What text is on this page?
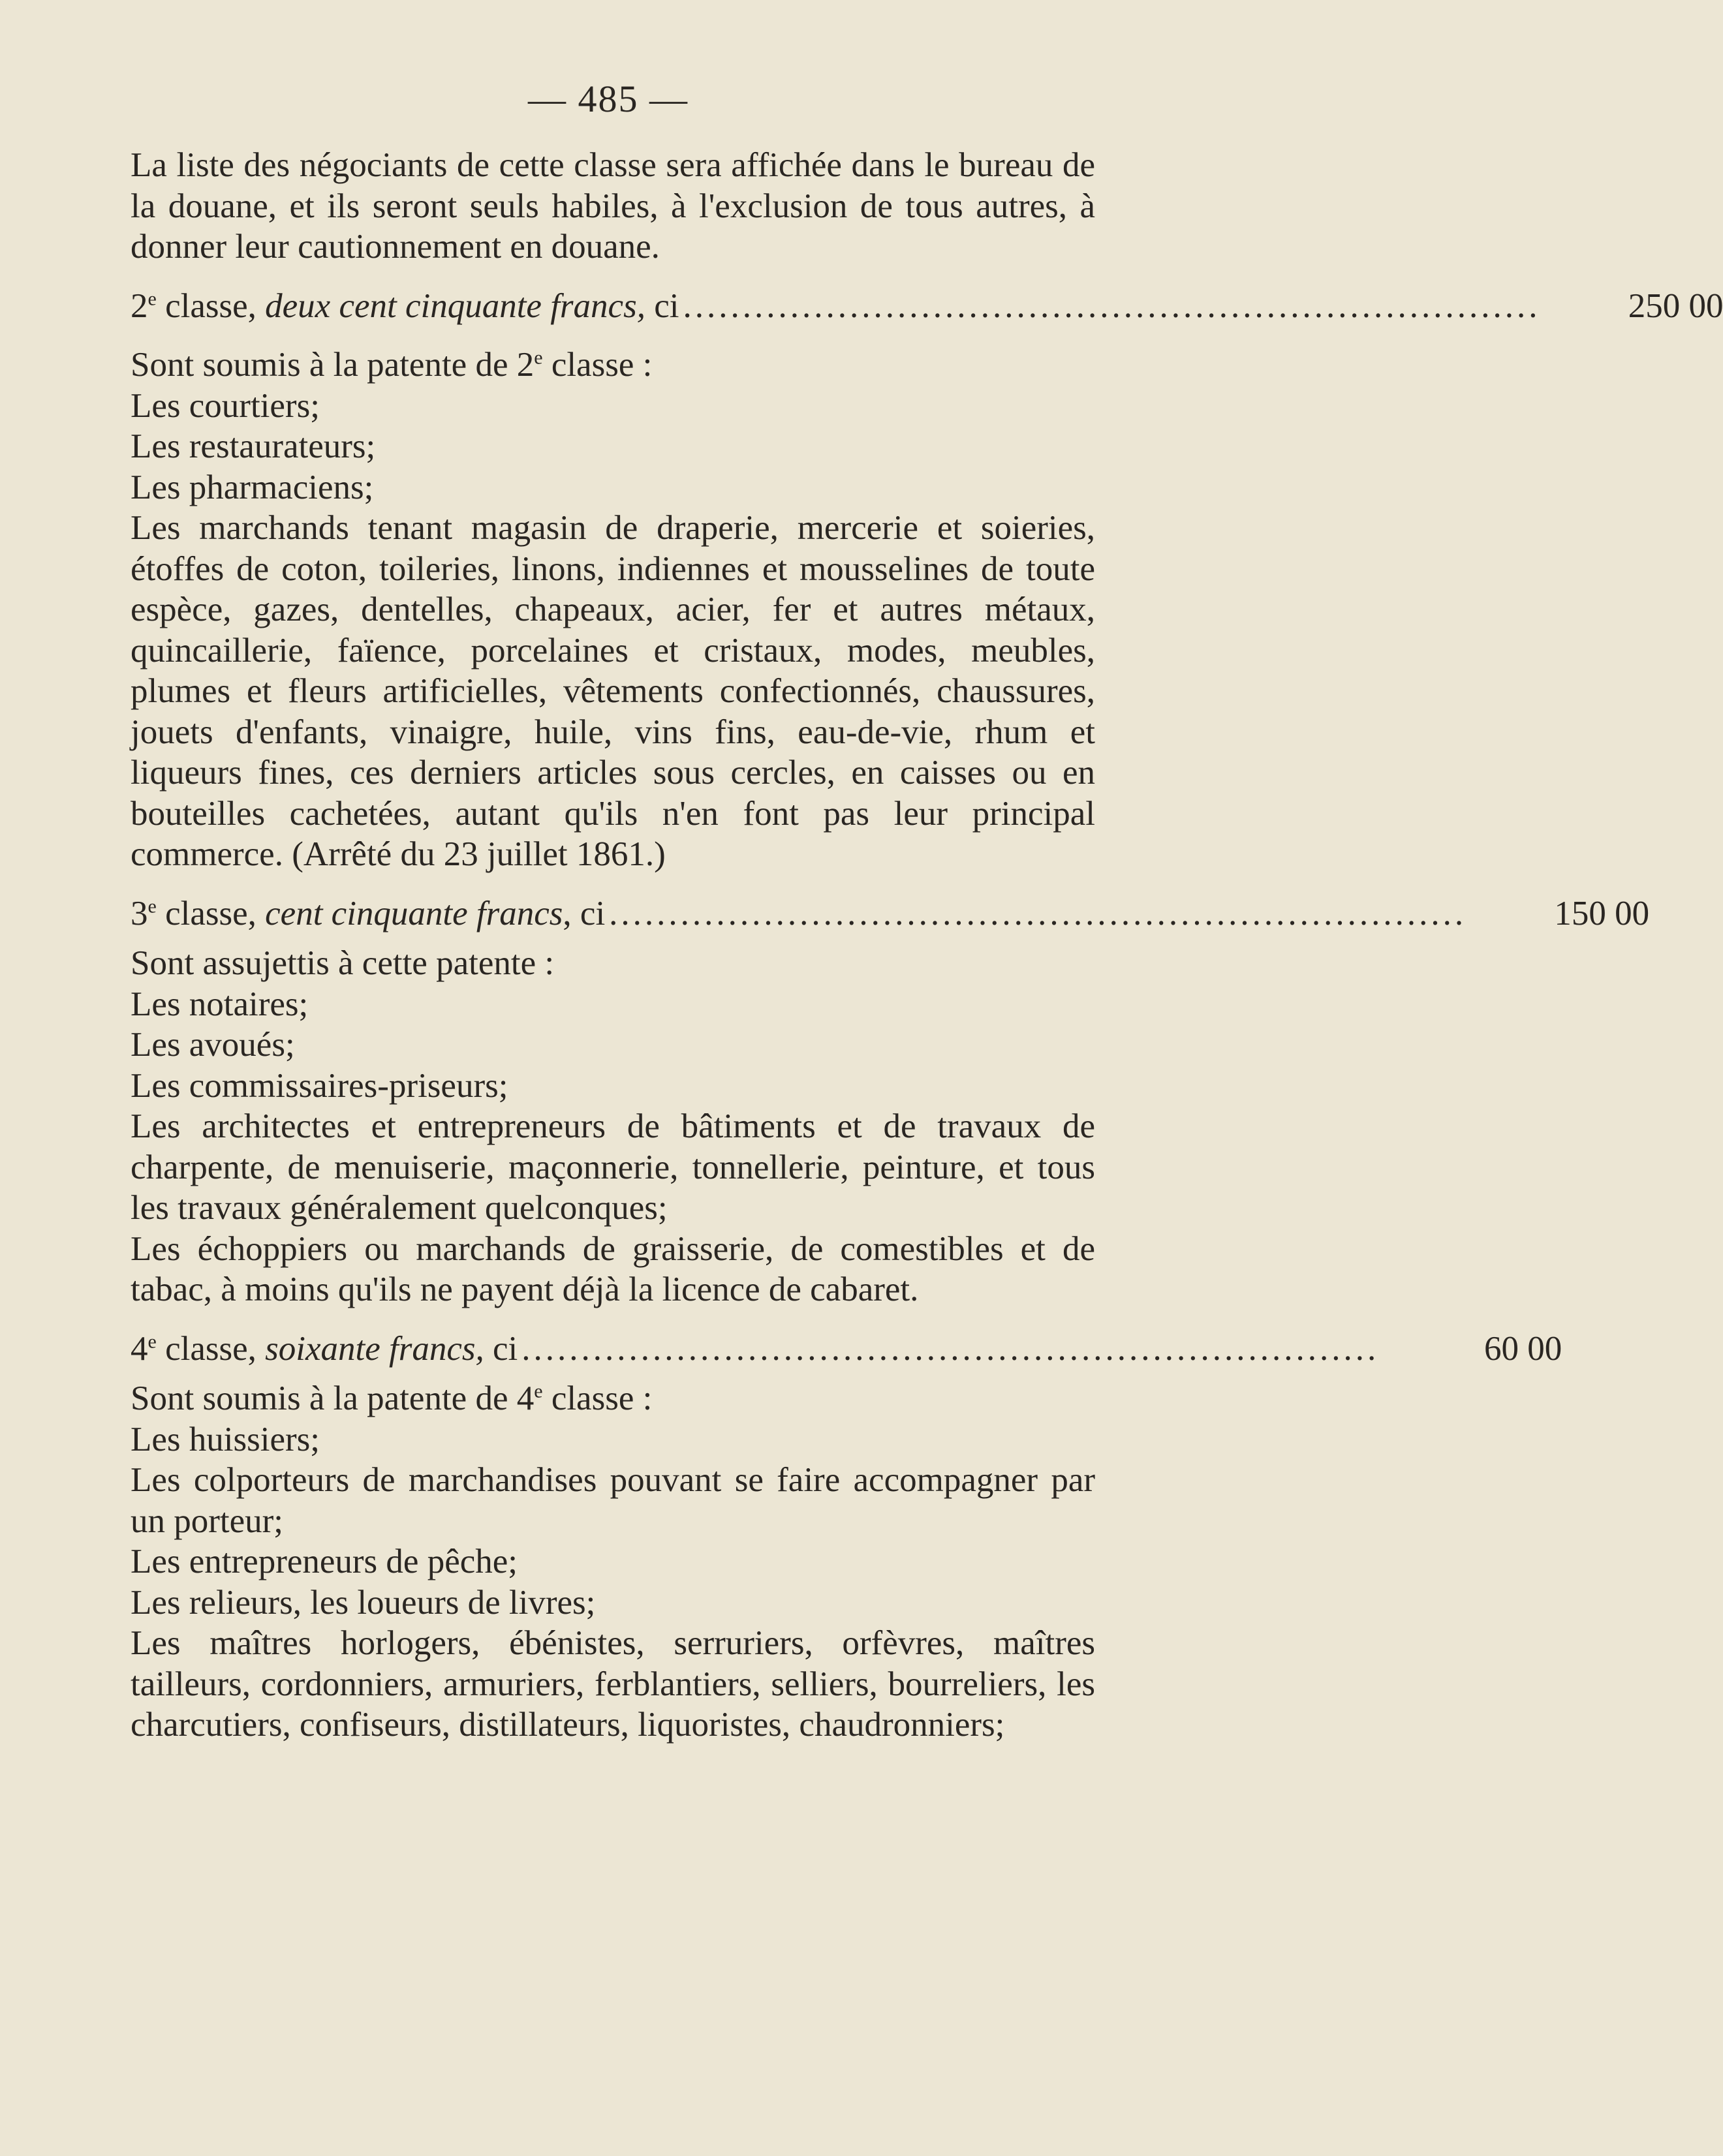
— 485 —

La liste des négociants de cette classe sera affichée dans le bureau de la douane, et ils seront seuls habiles, à l'exclusion de tous autres, à donner leur cautionnement en douane.

2e classe, deux cent cinquante francs, ci ........................................................................	250 00

Sont soumis à la patente de 2e classe :

Les courtiers;

Les restaurateurs;

Les pharmaciens;

Les marchands tenant magasin de draperie, mercerie et soieries, étoffes de coton, toileries, linons, indiennes et mousselines de toute espèce, gazes, dentelles, chapeaux, acier, fer et autres métaux, quincaillerie, faïence, porcelaines et cristaux, modes, meubles, plumes et fleurs artificielles, vêtements confectionnés, chaussures, jouets d'enfants, vinaigre, huile, vins fins, eau-de-vie, rhum et liqueurs fines, ces derniers articles sous cercles, en caisses ou en bouteilles cachetées, autant qu'ils n'en font pas leur principal commerce. (Arrêté du 23 juillet 1861.)

3e classe, cent cinquante francs, ci ........................................................................	150 00

Sont assujettis à cette patente :

Les notaires;

Les avoués;

Les commissaires-priseurs;

Les architectes et entrepreneurs de bâtiments et de travaux de charpente, de menuiserie, maçonnerie, tonnellerie, peinture, et tous les travaux généralement quelconques;

Les échoppiers ou marchands de graisserie, de comestibles et de tabac, à moins qu'ils ne payent déjà la licence de cabaret.

4e classe, soixante francs, ci ........................................................................	60 00

Sont soumis à la patente de 4e classe :

Les huissiers;

Les colporteurs de marchandises pouvant se faire accompagner par un porteur;

Les entrepreneurs de pêche;

Les relieurs, les loueurs de livres;

Les maîtres horlogers, ébénistes, serruriers, orfèvres, maîtres tailleurs, cordonniers, armuriers, ferblantiers, selliers, bourreliers, les charcutiers, confiseurs, distillateurs, liquoristes, chaudronniers;
